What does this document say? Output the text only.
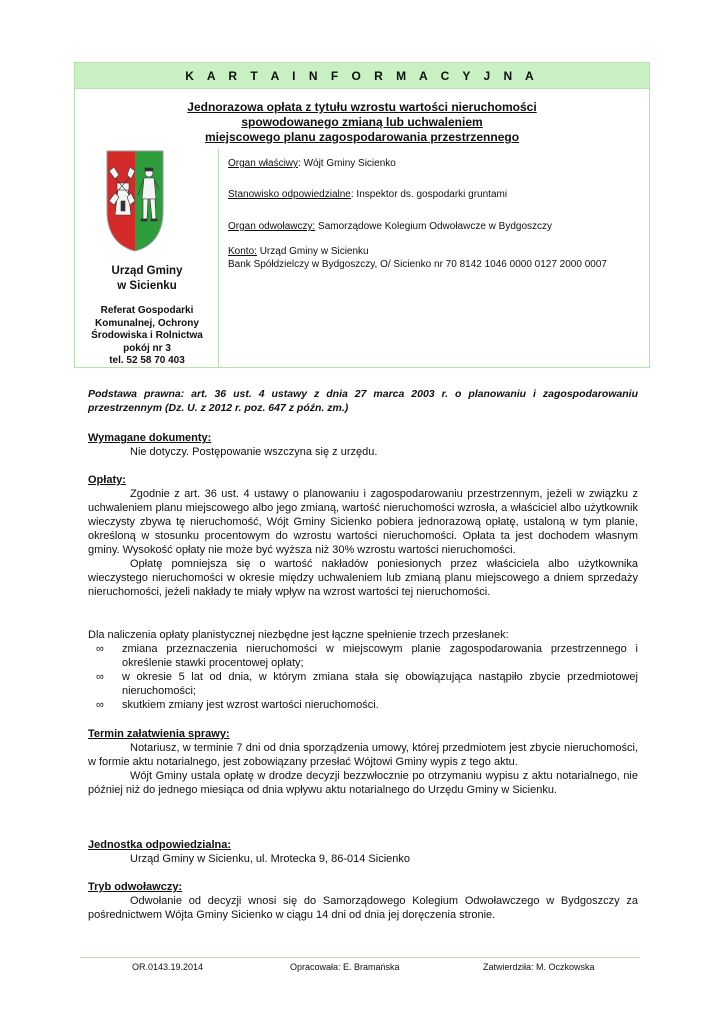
K A R T A I N F O R M A C Y J N A
Jednorazowa opłata z tytułu wzrostu wartości nieruchomości
spowodowanego zmianą lub uchwaleniem
miejscowego planu zagospodarowania przestrzennego
Urząd Gminy
w Sicienku
Referat Gospodarki
Komunalnej, Ochrony
Środowiska i Rolnictwa
pokój nr 3
tel. 52 58 70 403
Organ właściwy: Wójt Gminy Sicienko
Stanowisko odpowiedzialne: Inspektor ds. gospodarki gruntami
Organ odwoławczy: Samorządowe Kolegium Odwoławcze w Bydgoszczy
Konto: Urząd Gminy w Sicienku
Bank Spółdzielczy w Bydgoszczy, O/ Sicienko nr 70 8142 1046 0000 0127 2000 0007
Podstawa prawna: art. 36 ust. 4 ustawy z dnia 27 marca 2003 r. o planowaniu i zagospodarowaniu przestrzennym (Dz. U. z 2012 r. poz. 647 z późn. zm.)
Wymagane dokumenty:

Nie dotyczy. Postępowanie wszczyna się z urzędu.

Opłaty:

Zgodnie z art. 36 ust. 4 ustawy o planowaniu i zagospodarowaniu przestrzennym, jeżeli w związku z uchwaleniem planu miejscowego albo jego zmianą, wartość nieruchomości wzrosła, a właściciel albo użytkownik wieczysty zbywa tę nieruchomość, Wójt Gminy Sicienko pobiera jednorazową opłatę, ustaloną w tym planie, określoną w stosunku procentowym do wzrostu wartości nieruchomości. Opłata ta jest dochodem własnym gminy. Wysokość opłaty nie może być wyższa niż 30% wzrostu wartości nieruchomości.

Opłatę pomniejsza się o wartość nakładów poniesionych przez właściciela albo użytkownika wieczystego nieruchomości w okresie między uchwaleniem lub zmianą planu miejscowego a dniem sprzedaży nieruchomości, jeżeli nakłady te miały wpływ na wzrost wartości tej nieruchomości.

Dla naliczenia opłaty planistycznej niezbędne jest łączne spełnienie trzech przesłanek:

∞ zmiana przeznaczenia nieruchomości w miejscowym planie zagospodarowania przestrzennego i określenie stawki procentowej opłaty;
∞ w okresie 5 lat od dnia, w którym zmiana stała się obowiązująca nastąpiło zbycie przedmiotowej nieruchomości;
∞ skutkiem zmiany jest wzrost wartości nieruchomości.
Termin załatwienia sprawy:

Notariusz, w terminie 7 dni od dnia sporządzenia umowy, której przedmiotem jest zbycie nieruchomości, w formie aktu notarialnego, jest zobowiązany przesłać Wójtowi Gminy wypis z tego aktu.

Wójt Gminy ustala opłatę w drodze decyzji bezzwłocznie po otrzymaniu wypisu z aktu notarialnego, nie później niż do jednego miesiąca od dnia wpływu aktu notarialnego do Urzędu Gminy w Sicienku.

Jednostka odpowiedzialna:

Urząd Gminy w Sicienku, ul. Mrotecka 9, 86-014 Sicienko

Tryb odwoławczy:

Odwołanie od decyzji wnosi się do Samorządowego Kolegium Odwoławczego w Bydgoszczy za pośrednictwem Wójta Gminy Sicienko w ciągu 14 dni od dnia jej doręczenia stronie.

OR.0143.19.2014	Opracowała: E. Bramańska	Zatwierdziła: M. Oczkowska
